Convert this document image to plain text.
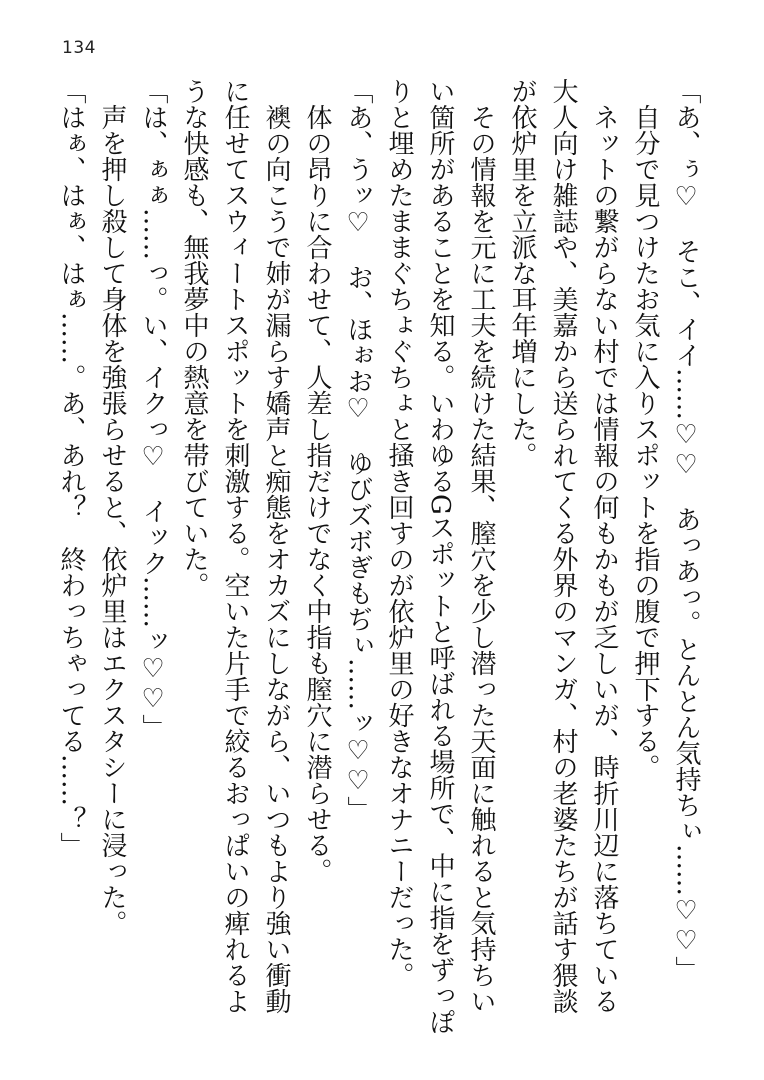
134

「あ、ぅ♡　そこ、イイ……♡♡　あっあっ。とんとん気持ちぃ……♡♡」

自分で見つけたお気に入りスポットを指の腹で押下する。

ネットの繋がらない村では情報の何もかもが乏しいが、時折川辺に落ちている大人向け雑誌や、美嘉から送られてくる外界のマンガ、村の老婆たちが話す猥談が依炉里を立派な耳年増にした。

その情報を元に工夫を続けた結果、膣穴を少し潜った天面に触れると気持ちいい箇所があることを知る。いわゆるGスポットと呼ばれる場所で、中に指をずっぽりと埋めたままぐちょぐちょと掻き回すのが依炉里の好きなオナニーだった。

「あ、うッ♡　お、ほぉお♡　ゆびズボぎもぢぃ……ッ♡♡」

体の昂りに合わせて、人差し指だけでなく中指も膣穴に潜らせる。

襖の向こうで姉が漏らす嬌声と痴態をオカズにしながら、いつもより強い衝動に任せてスウィートスポットを刺激する。空いた片手で絞るおっぱいの痺れるような快感も、無我夢中の熱意を帯びていた。

「は、ぁぁ……っ。い、イクっ♡　イック……ッ♡♡」

声を押し殺して身体を強張らせると、依炉里はエクスタシーに浸った。

「はぁ、はぁ、はぁ……。あ、あれ？　終わっちゃってる……？」
